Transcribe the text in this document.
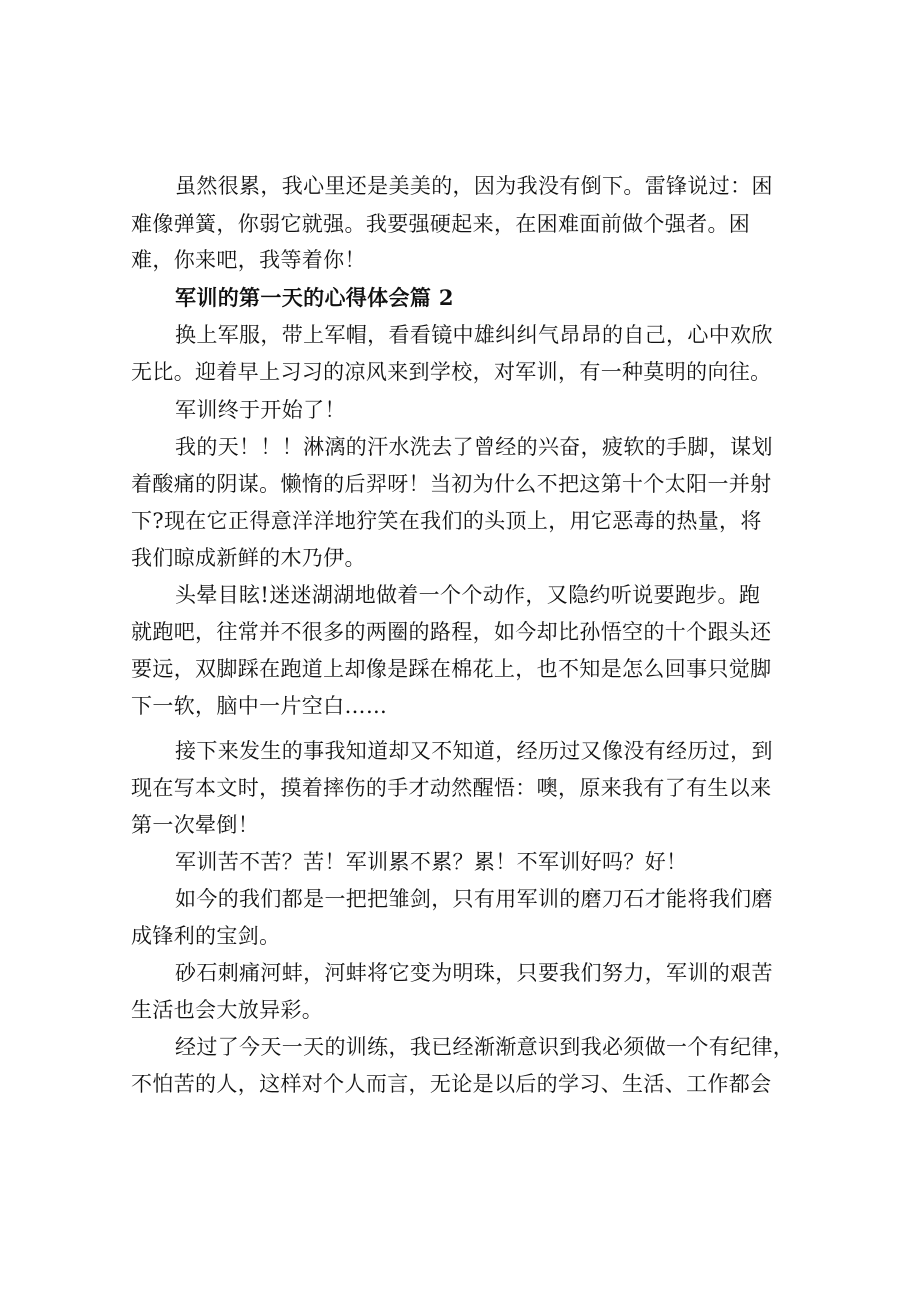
虽然很累，我心里还是美美的，因为我没有倒下。雷锋说过：困

难像弹簧，你弱它就强。我要强硬起来，在困难面前做个强者。困

难，你来吧，我等着你！

军训的第一天的心得体会篇 2

换上军服，带上军帽，看看镜中雄纠纠气昂昂的自己，心中欢欣

无比。迎着早上习习的凉风来到学校，对军训，有一种莫明的向往。

军训终于开始了！

我的天！！！淋漓的汗水洗去了曾经的兴奋，疲软的手脚，谋划

着酸痛的阴谋。懒惰的后羿呀！当初为什么不把这第十个太阳一并射

下?现在它正得意洋洋地狞笑在我们的头顶上，用它恶毒的热量，将

我们晾成新鲜的木乃伊。

头晕目眩!迷迷湖湖地做着一个个动作，又隐约听说要跑步。跑

就跑吧，往常并不很多的两圈的路程，如今却比孙悟空的十个跟头还

要远，双脚踩在跑道上却像是踩在棉花上，也不知是怎么回事只觉脚

下一软，脑中一片空白……

接下来发生的事我知道却又不知道，经历过又像没有经历过，到

现在写本文时，摸着摔伤的手才动然醒悟：噢，原来我有了有生以来

第一次晕倒！

军训苦不苦？苦！军训累不累？累！不军训好吗？好！

如今的我们都是一把把雏剑，只有用军训的磨刀石才能将我们磨

成锋利的宝剑。

砂石刺痛河蚌，河蚌将它变为明珠，只要我们努力，军训的艰苦

生活也会大放异彩。

经过了今天一天的训练，我已经渐渐意识到我必须做一个有纪律，

不怕苦的人，这样对个人而言，无论是以后的学习、生活、工作都会
